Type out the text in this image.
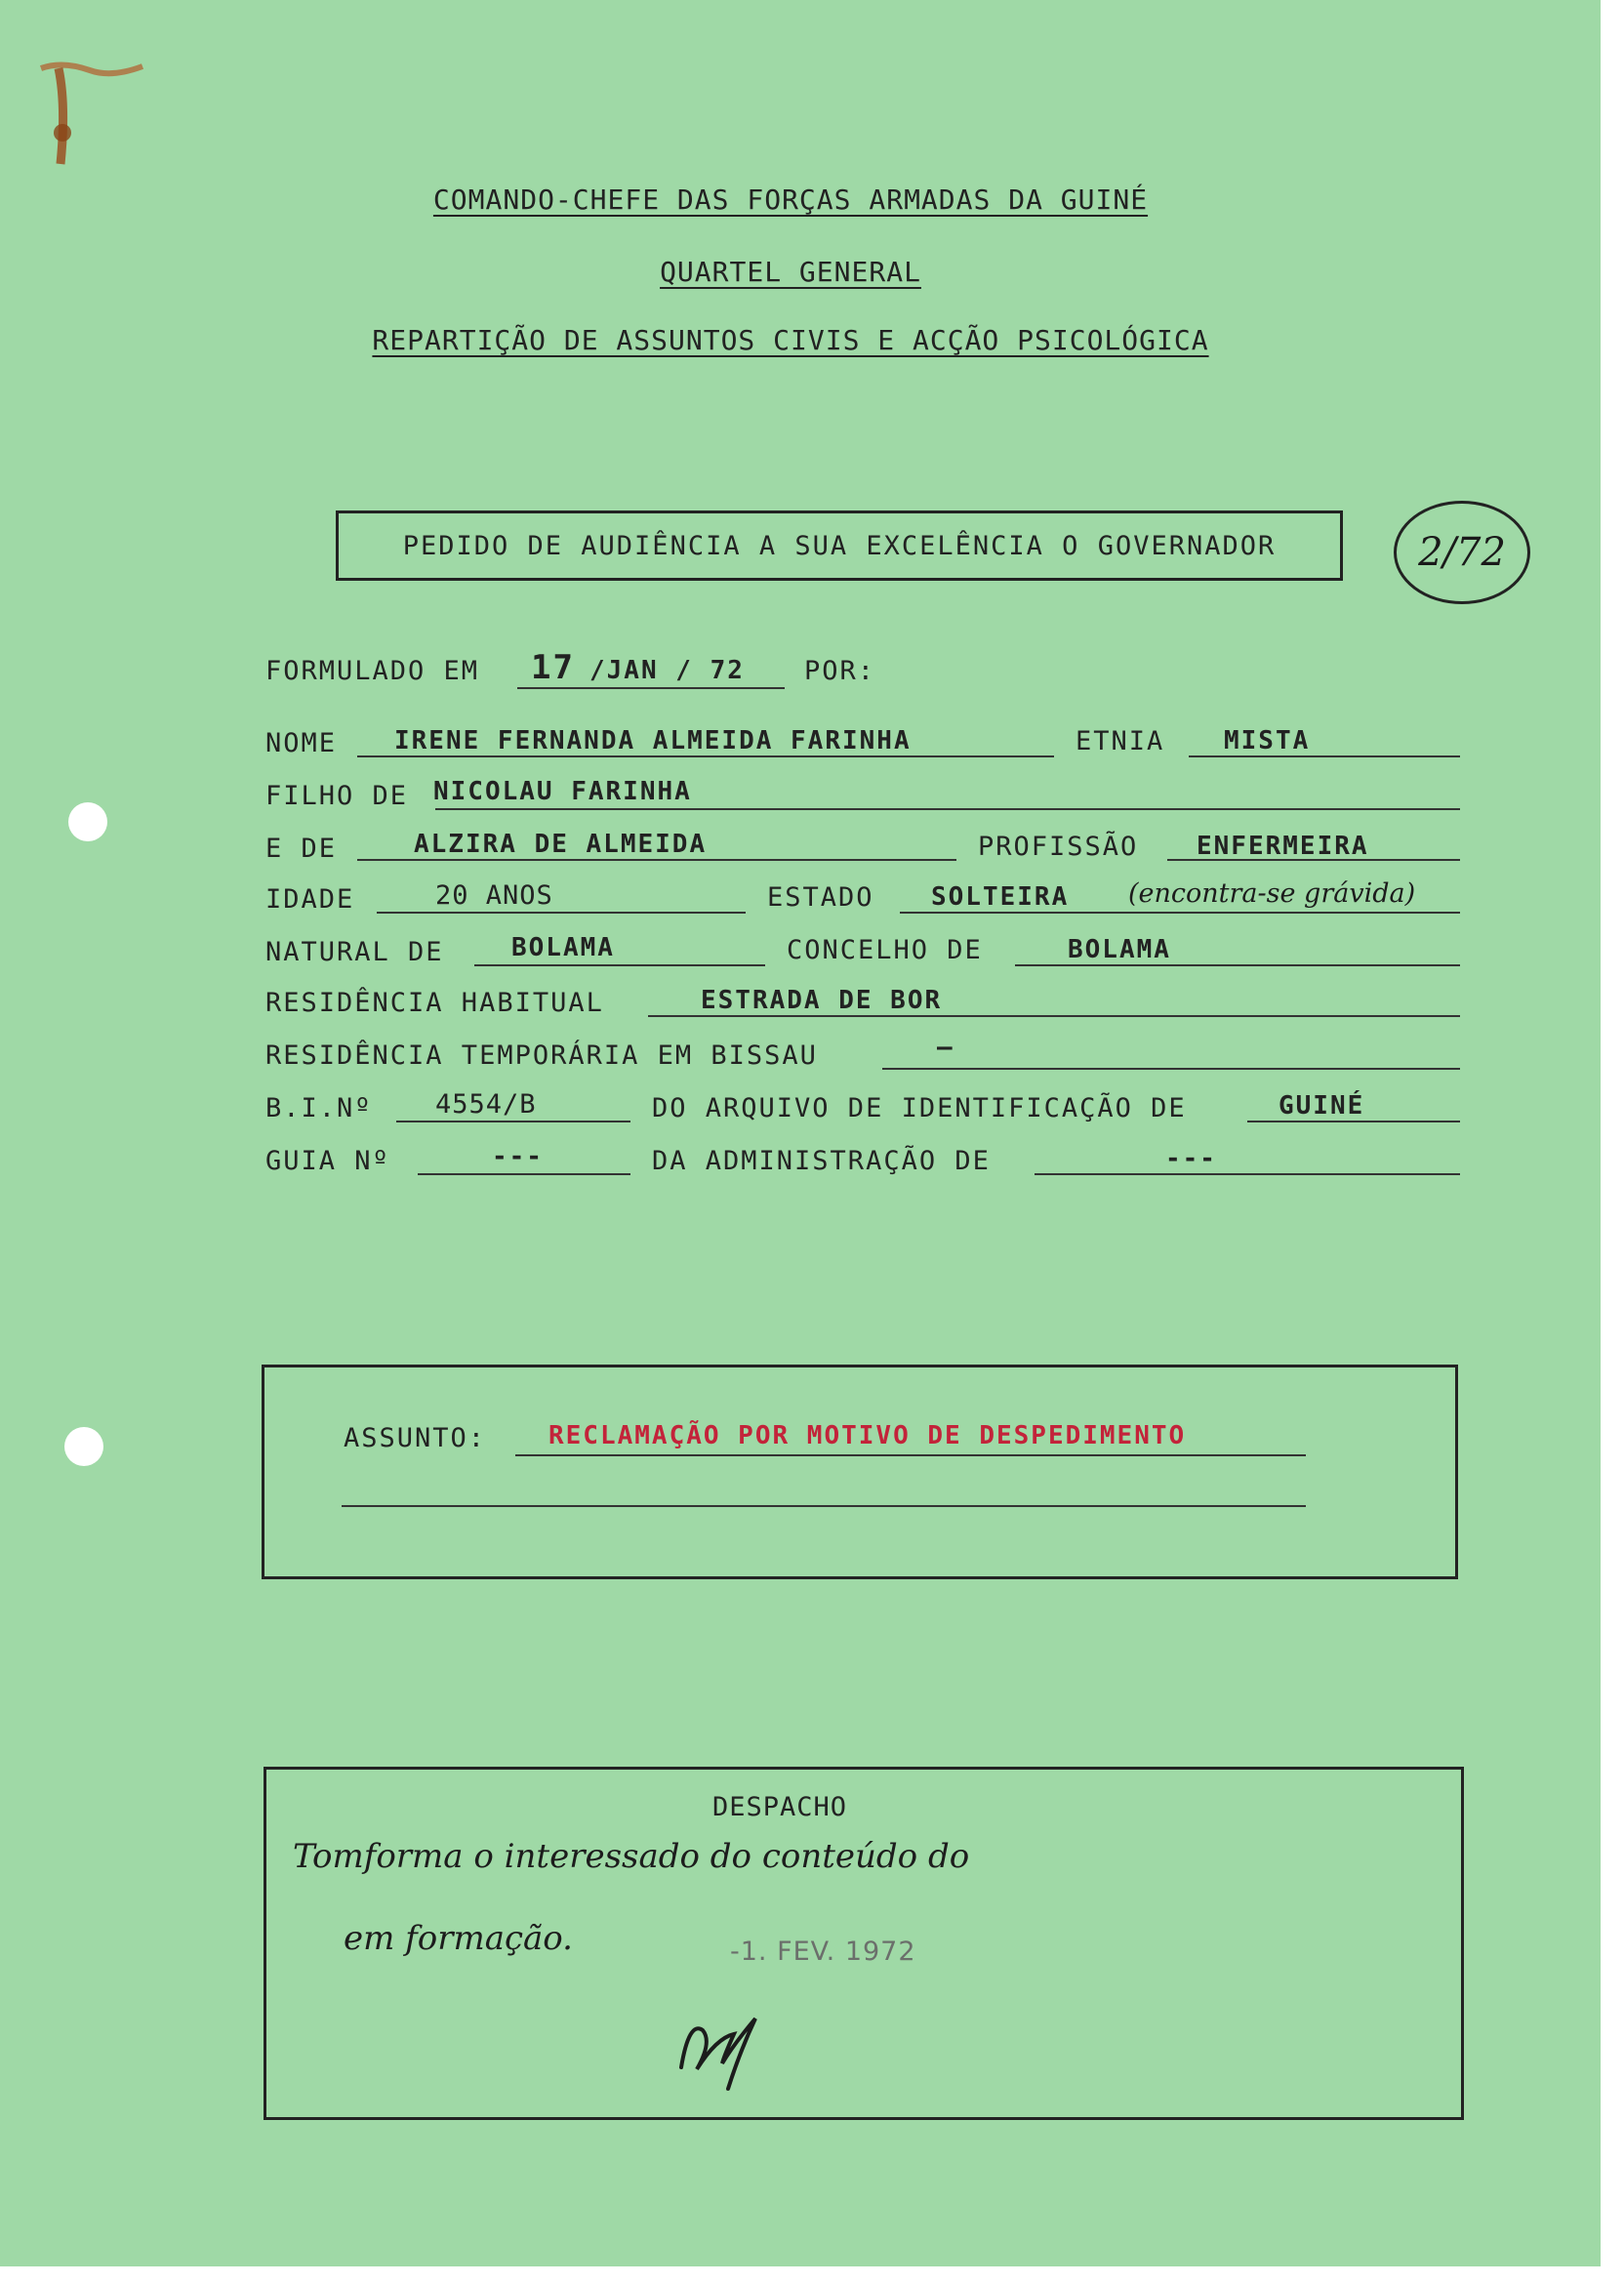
COMANDO-CHEFE DAS FORÇAS ARMADAS DA GUINÉ
QUARTEL GENERAL
REPARTIÇÃO DE ASSUNTOS CIVIS E ACÇÃO PSICOLÓGICA
PEDIDO DE AUDIÊNCIA A SUA EXCELÊNCIA O GOVERNADOR	2/72
FORMULADO EM 17 /JAN / 72 POR:
NOME IRENE FERNANDA ALMEIDA FARINHA	ETNIA MISTA
FILHO DE NICOLAU FARINHA
E DE	ALZIRA DE ALMEIDA	PROFISSÃO ENFERMEIRA
IDADE	20 ANOS	ESTADO SOLTEIRA (encontra-se grávida)
NATURAL DE	BOLAMA	CONCELHO DE	BOLAMA
RESIDÊNCIA HABITUAL	ESTRADA DE BOR
RESIDÊNCIA TEMPORÁRIA EM BISSAU	—
B.I.Nº 4554/B	DO ARQUIVO DE IDENTIFICAÇÃO DE	GUINÉ
GUIA Nº	---	DA ADMINISTRAÇÃO DE	---
ASSUNTO: RECLAMAÇÃO POR MOTIVO DE DESPEDIMENTO
DESPACHO
Tomforma o interessado do conteúdo do
em formação.	-1. FEV. 1972
